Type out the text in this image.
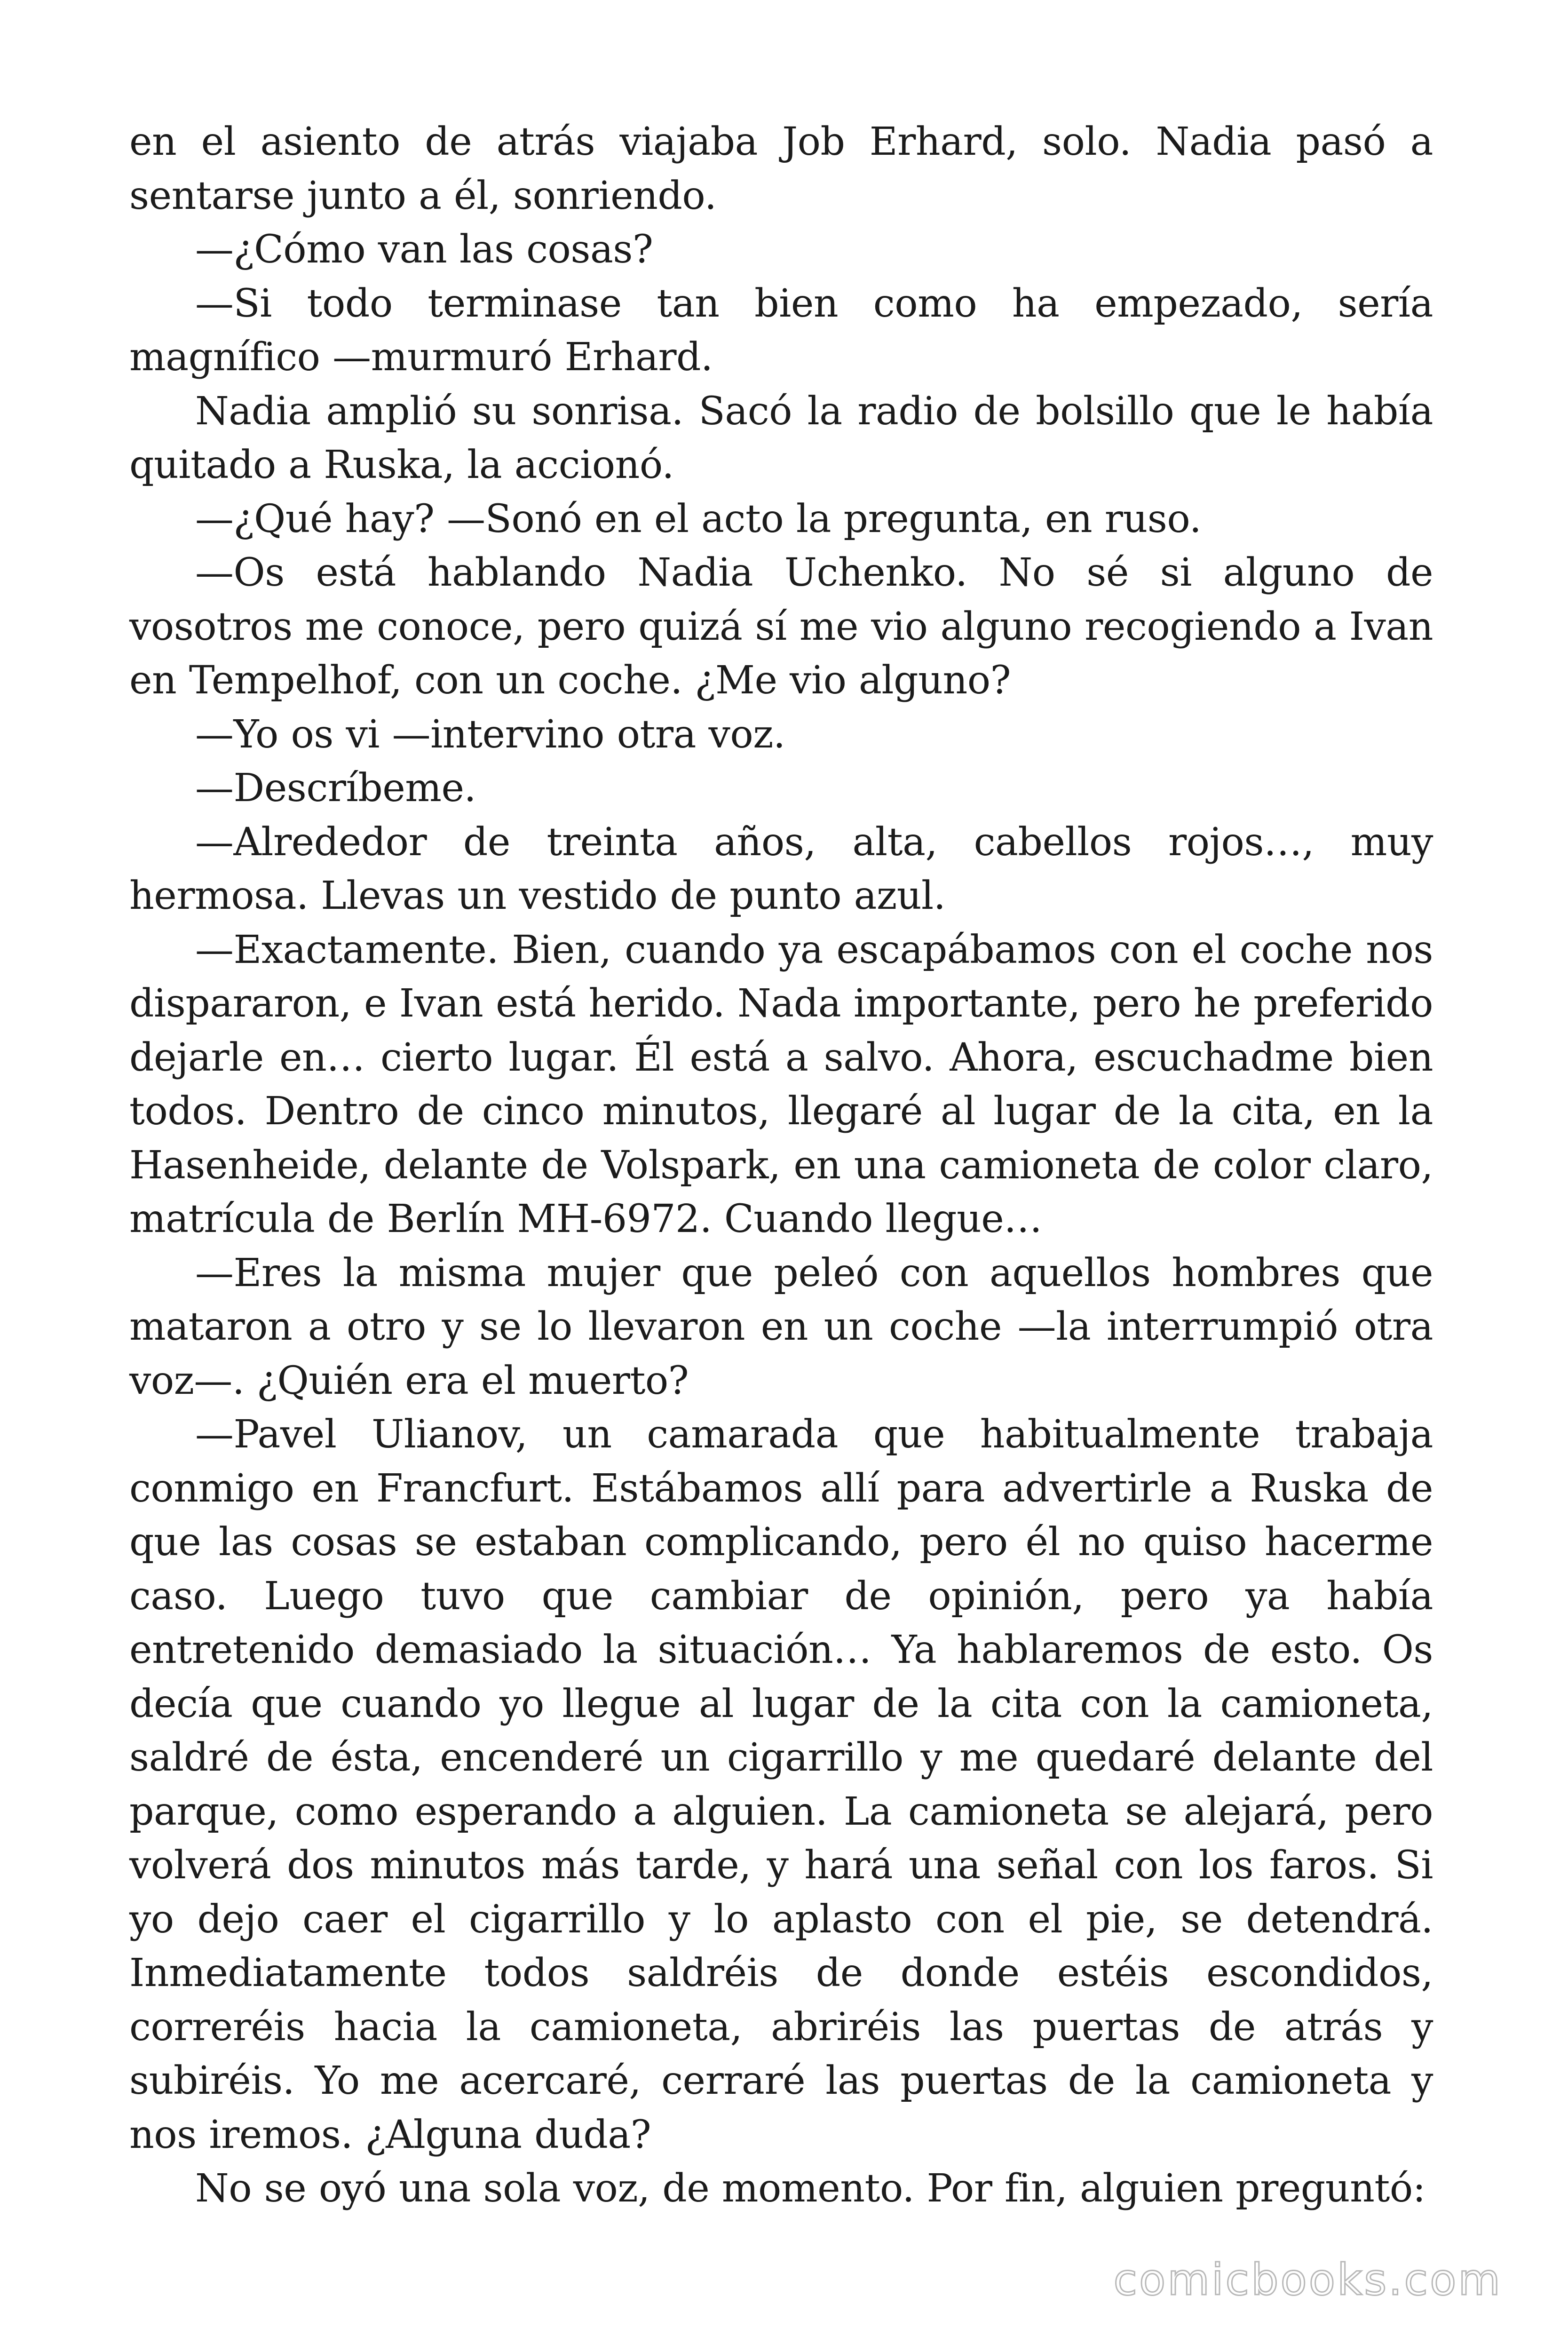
en el asiento de atrás viajaba Job Erhard, solo. Nadia pasó a sentarse junto a él, sonriendo.

—¿Cómo van las cosas?

—Si todo terminase tan bien como ha empezado, sería magnífico —murmuró Erhard.

Nadia amplió su sonrisa. Sacó la radio de bolsillo que le había quitado a Ruska, la accionó.

—¿Qué hay? —Sonó en el acto la pregunta, en ruso.

—Os está hablando Nadia Uchenko. No sé si alguno de vosotros me conoce, pero quizá sí me vio alguno recogiendo a Ivan en Tempelhof, con un coche. ¿Me vio alguno?

—Yo os vi —intervino otra voz.

—Descríbeme.

—Alrededor de treinta años, alta, cabellos rojos…, muy hermosa. Llevas un vestido de punto azul.

—Exactamente. Bien, cuando ya escapábamos con el coche nos dispararon, e Ivan está herido. Nada importante, pero he preferido dejarle en… cierto lugar. Él está a salvo. Ahora, escuchadme bien todos. Dentro de cinco minutos, llegaré al lugar de la cita, en la Hasenheide, delante de Volspark, en una camioneta de color claro, matrícula de Berlín MH-6972. Cuando llegue…

—Eres la misma mujer que peleó con aquellos hombres que mataron a otro y se lo llevaron en un coche —la interrumpió otra voz—. ¿Quién era el muerto?

—Pavel Ulianov, un camarada que habitualmente trabaja conmigo en Francfurt. Estábamos allí para advertirle a Ruska de que las cosas se estaban complicando, pero él no quiso hacerme caso. Luego tuvo que cambiar de opinión, pero ya había entretenido demasiado la situación… Ya hablaremos de esto. Os decía que cuando yo llegue al lugar de la cita con la camioneta, saldré de ésta, encenderé un cigarrillo y me quedaré delante del parque, como esperando a alguien. La camioneta se alejará, pero volverá dos minutos más tarde, y hará una señal con los faros. Si yo dejo caer el cigarrillo y lo aplasto con el pie, se detendrá. Inmediatamente todos saldréis de donde estéis escondidos, correréis hacia la camioneta, abriréis las puertas de atrás y subiréis. Yo me acercaré, cerraré las puertas de la camioneta y nos iremos. ¿Alguna duda?

No se oyó una sola voz, de momento. Por fin, alguien preguntó:

comicbooks.com
